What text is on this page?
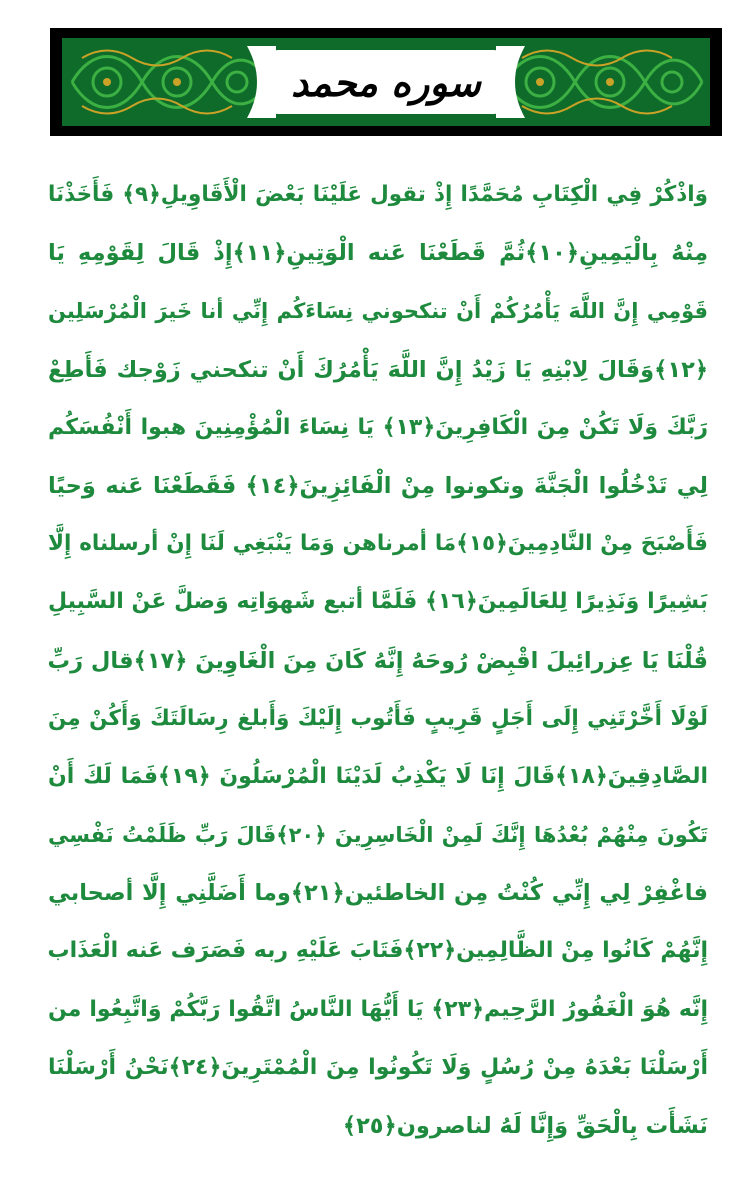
سوره محمد
وَاذْكُرْ فِي الْكِتَابِ مُحَمَّدًا إِذْ تقول عَلَيْنَا بَعْضَ الْأَقَاوِيلِ﴿٩﴾ فَأَخَذْنَا
مِنْهُ بِالْيَمِينِ﴿١٠﴾ثُمَّ قَطَعْنَا عَنه الْوَتِينِ﴿١١﴾إِذْ قَالَ لِقَوْمِهِ يَا
قَوْمِي إِنَّ اللَّهَ يَأْمُرُكُمْ أَنْ تنكحوني نِسَاءَكُم إِنِّي أنا خَيرَ الْمُرْسَلِين
﴿١٢﴾وَقَالَ لِابْنِهِ يَا زَيْدُ إِنَّ اللَّهَ يَأْمُرُكَ أَنْ تنكحني زَوْجك فَأَطِعْ
رَبَّكَ وَلَا تَكُنْ مِنَ الْكَافِرِينَ﴿١٣﴾ يَا نِسَاءَ الْمُؤْمِنِينَ هبوا أَنْفُسَكُم
لِي تَدْخُلُوا الْجَنَّةَ وتكونوا مِنْ الْفَائِزِينَ﴿١٤﴾ فَقَطَعْنَا عَنه وَحيًا
فَأَصْبَحَ مِنْ النَّادِمِينَ﴿١٥﴾مَا أمرناهن وَمَا يَنْبَغِي لَنَا إِنْ أرسلناه إِلَّا
بَشِيرًا وَنَذِيرًا لِلعَالَمِينَ﴿١٦﴾ فَلَمَّا أتبع شَهوَاتِه وَضلَّ عَنْ السَّبِيلِ
قُلْنَا يَا عِزرائِيلَ اقْبِضْ رُوحَهُ إِنَّهُ كَانَ مِنَ الْغَاوِينَ ﴿١٧﴾قال رَبِّ
لَوْلَا أَخَّرْتَنِي إِلَى أَجَلٍ قَرِيبٍ فَأَتُوب إِلَيْكَ وَأَبلغ رِسَالَتَكَ وَأَكُنْ مِنَ
الصَّادِقِينَ﴿١٨﴾قَالَ إِنَا لَا يَكْذِبُ لَدَيْنَا الْمُرْسَلُونَ ﴿١٩﴾فَمَا لَكَ أَنْ
تَكُونَ مِنْهُمْ بُعْدُهَا إِنَّكَ لَمِنْ الْخَاسِرِينَ ﴿٢٠﴾قَالَ رَبِّ ظَلَمْتُ نَفْسِي
فاغْفِرْ لِي إِنِّي كُنْتُ مِن الخاطئين﴿٢١﴾وما أَضَلَّنِي إِلَّا أصحابي
إِنَّهُمْ كَانُوا مِنْ الظَّالِمِين﴿٢٢﴾فَتَابَ عَلَيْهِ ربه فَصَرَف عَنه الْعَذَاب
إِنَّه هُوَ الْغَفُورُ الرَّحِيم﴿٢٣﴾ يَا أَيُّهَا النَّاسُ اتَّقُوا رَبَّكُمْ وَاتَّبِعُوا من
أَرْسَلْنَا بَعْدَهُ مِنْ رُسُلٍ وَلَا تَكُونُوا مِنَ الْمُمْتَرِينَ﴿٢٤﴾نَحْنُ أَرْسَلْنَا
نَشَأَت بِالْحَقِّ وَإِنَّا لَهُ لناصرون﴿٢٥﴾
